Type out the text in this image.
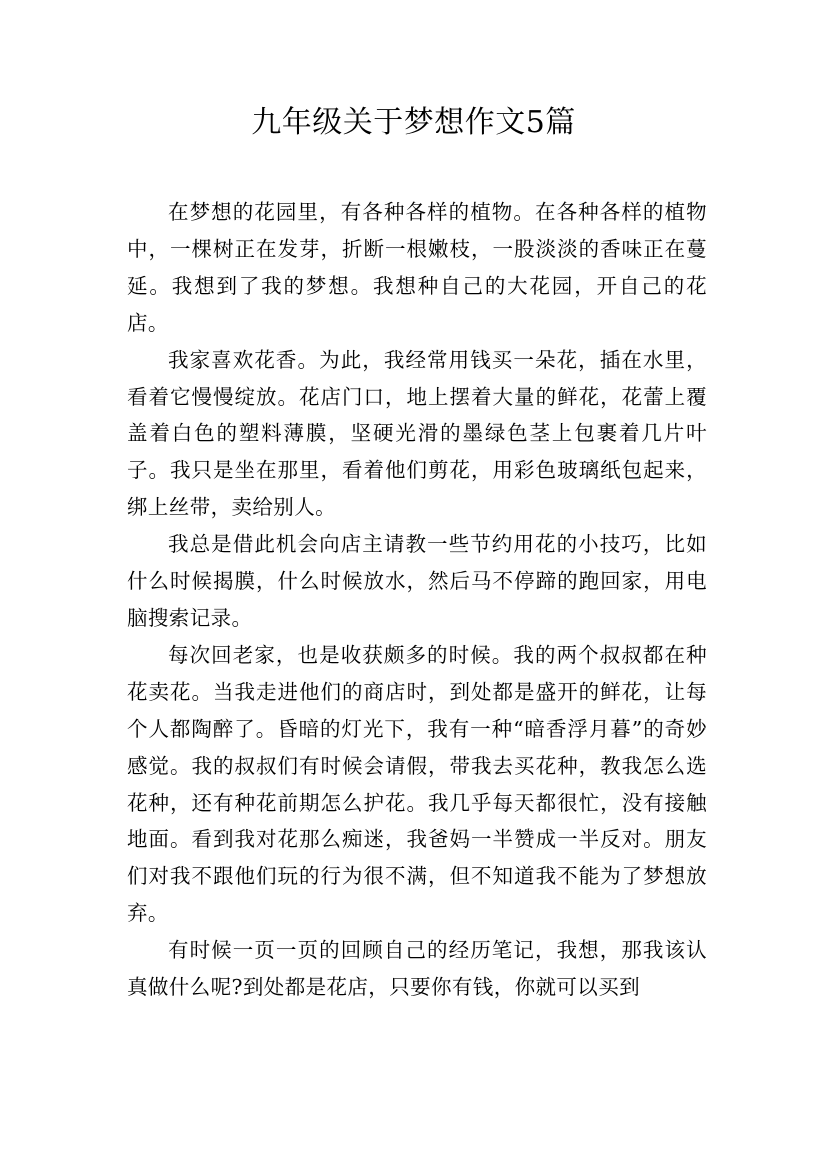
九年级关于梦想作文5篇

在梦想的花园里，有各种各样的植物。在各种各样的植物中，一棵树正在发芽，折断一根嫩枝，一股淡淡的香味正在蔓延。我想到了我的梦想。我想种自己的大花园，开自己的花店。

我家喜欢花香。为此，我经常用钱买一朵花，插在水里，看着它慢慢绽放。花店门口，地上摆着大量的鲜花，花蕾上覆盖着白色的塑料薄膜，坚硬光滑的墨绿色茎上包裹着几片叶子。我只是坐在那里，看着他们剪花，用彩色玻璃纸包起来，绑上丝带，卖给别人。

我总是借此机会向店主请教一些节约用花的小技巧，比如什么时候揭膜，什么时候放水，然后马不停蹄的跑回家，用电脑搜索记录。

每次回老家，也是收获颇多的时候。我的两个叔叔都在种花卖花。当我走进他们的商店时，到处都是盛开的鲜花，让每个人都陶醉了。昏暗的灯光下，我有一种“暗香浮月暮”的奇妙感觉。我的叔叔们有时候会请假，带我去买花种，教我怎么选花种，还有种花前期怎么护花。我几乎每天都很忙，没有接触地面。看到我对花那么痴迷，我爸妈一半赞成一半反对。朋友们对我不跟他们玩的行为很不满，但不知道我不能为了梦想放弃。

有时候一页一页的回顾自己的经历笔记，我想，那我该认真做什么呢?到处都是花店，只要你有钱，你就可以买到
